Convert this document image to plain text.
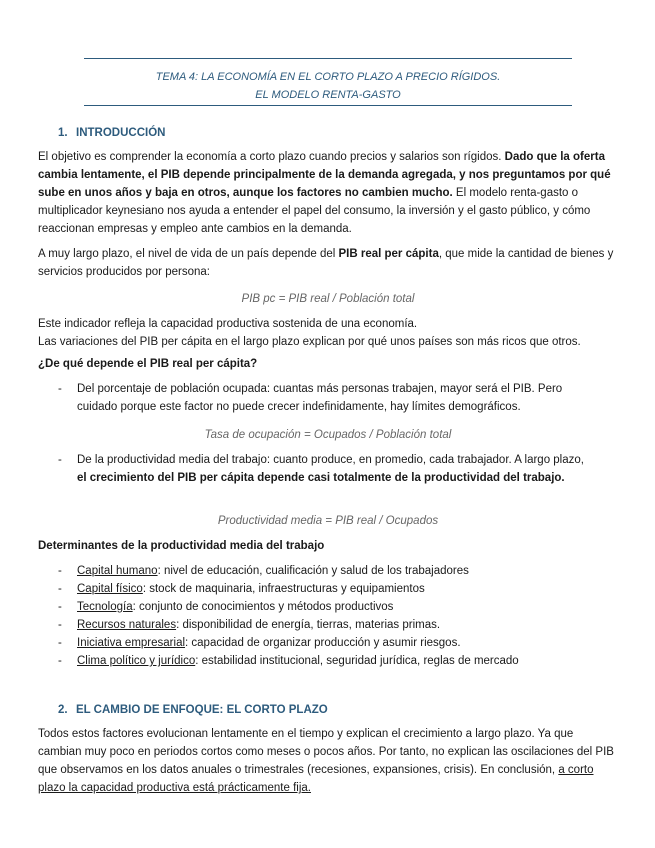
TEMA 4: LA ECONOMÍA EN EL CORTO PLAZO A PRECIO RÍGIDOS.
EL MODELO RENTA-GASTO
1. INTRODUCCIÓN
El objetivo es comprender la economía a corto plazo cuando precios y salarios son rígidos. Dado que la oferta cambia lentamente, el PIB depende principalmente de la demanda agregada, y nos preguntamos por qué sube en unos años y baja en otros, aunque los factores no cambien mucho. El modelo renta-gasto o multiplicador keynesiano nos ayuda a entender el papel del consumo, la inversión y el gasto público, y cómo reaccionan empresas y empleo ante cambios en la demanda.
A muy largo plazo, el nivel de vida de un país depende del PIB real per cápita, que mide la cantidad de bienes y servicios producidos por persona:
PIB pc = PIB real / Población total
Este indicador refleja la capacidad productiva sostenida de una economía.
Las variaciones del PIB per cápita en el largo plazo explican por qué unos países son más ricos que otros.
¿De qué depende el PIB real per cápita?
- Del porcentaje de población ocupada: cuantas más personas trabajen, mayor será el PIB. Pero cuidado porque este factor no puede crecer indefinidamente, hay límites demográficos.
Tasa de ocupación = Ocupados / Población total
- De la productividad media del trabajo: cuanto produce, en promedio, cada trabajador. A largo plazo, el crecimiento del PIB per cápita depende casi totalmente de la productividad del trabajo.
Productividad media = PIB real / Ocupados
Determinantes de la productividad media del trabajo
- Capital humano: nivel de educación, cualificación y salud de los trabajadores
- Capital físico: stock de maquinaria, infraestructuras y equipamientos
- Tecnología: conjunto de conocimientos y métodos productivos
- Recursos naturales: disponibilidad de energía, tierras, materias primas.
- Iniciativa empresarial: capacidad de organizar producción y asumir riesgos.
- Clima político y jurídico: estabilidad institucional, seguridad jurídica, reglas de mercado
2. EL CAMBIO DE ENFOQUE: EL CORTO PLAZO
Todos estos factores evolucionan lentamente en el tiempo y explican el crecimiento a largo plazo. Ya que cambian muy poco en periodos cortos como meses o pocos años. Por tanto, no explican las oscilaciones del PIB que observamos en los datos anuales o trimestrales (recesiones, expansiones, crisis). En conclusión, a corto plazo la capacidad productiva está prácticamente fija.
